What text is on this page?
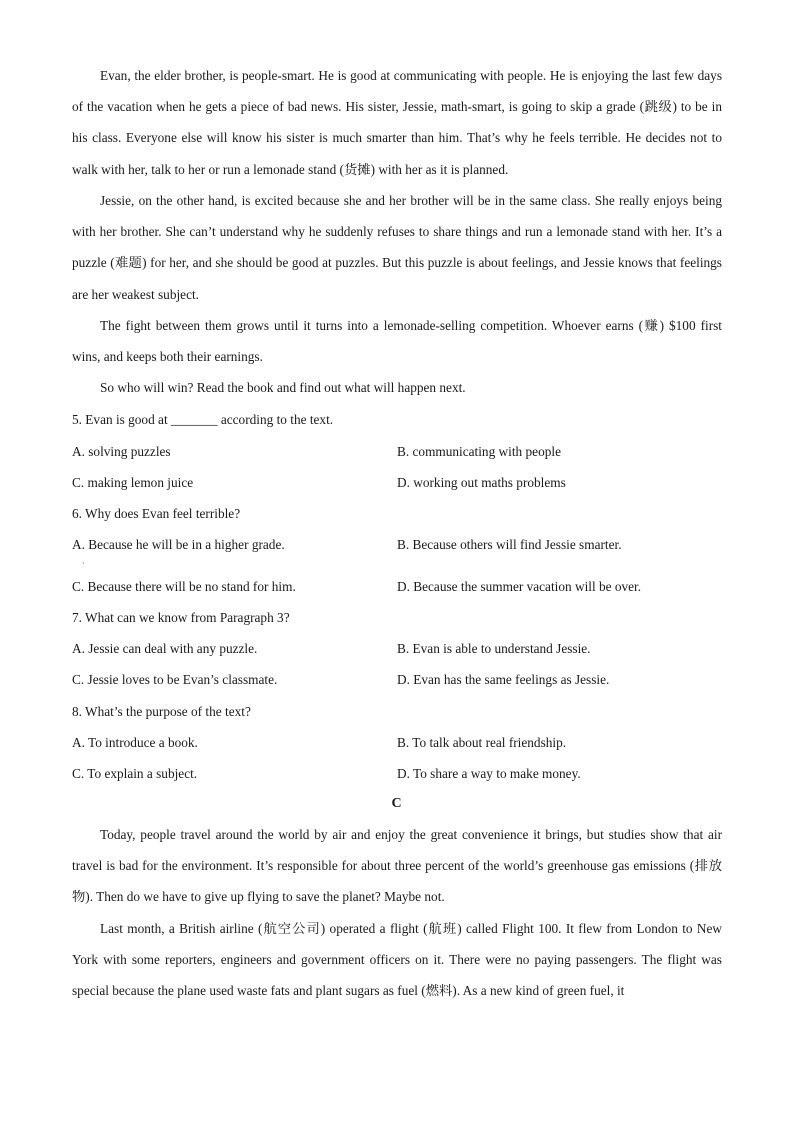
Evan, the elder brother, is people-smart. He is good at communicating with people. He is enjoying the last few days of the vacation when he gets a piece of bad news. His sister, Jessie, math-smart, is going to skip a grade (跳级) to be in his class. Everyone else will know his sister is much smarter than him. That’s why he feels terrible. He decides not to walk with her, talk to her or run a lemonade stand (货摊) with her as it is planned.

Jessie, on the other hand, is excited because she and her brother will be in the same class. She really enjoys being with her brother. She can’t understand why he suddenly refuses to share things and run a lemonade stand with her. It’s a puzzle (难题) for her, and she should be good at puzzles. But this puzzle is about feelings, and Jessie knows that feelings are her weakest subject.

The fight between them grows until it turns into a lemonade-selling competition. Whoever earns (赚) $100 first wins, and keeps both their earnings.

So who will win? Read the book and find out what will happen next.

5. Evan is good at _______ according to the text.

A. solving puzzles	B. communicating with people

C. making lemon juice	D. working out maths problems

6. Why does Evan feel terrible?

A. Because he will be in a higher grade.	B. Because others will find Jessie smarter.

·

C. Because there will be no stand for him.	D. Because the summer vacation will be over.

7. What can we know from Paragraph 3?

A. Jessie can deal with any puzzle.	B. Evan is able to understand Jessie.

C. Jessie loves to be Evan’s classmate.	D. Evan has the same feelings as Jessie.

8. What’s the purpose of the text?

A. To introduce a book.	B. To talk about real friendship.

C. To explain a subject.	D. To share a way to make money.

C

Today, people travel around the world by air and enjoy the great convenience it brings, but studies show that air travel is bad for the environment. It’s responsible for about three percent of the world’s greenhouse gas emissions (排放物). Then do we have to give up flying to save the planet? Maybe not.

Last month, a British airline (航空公司) operated a flight (航班) called Flight 100. It flew from London to New York with some reporters, engineers and government officers on it. There were no paying passengers. The flight was special because the plane used waste fats and plant sugars as fuel (燃料). As a new kind of green fuel, it
